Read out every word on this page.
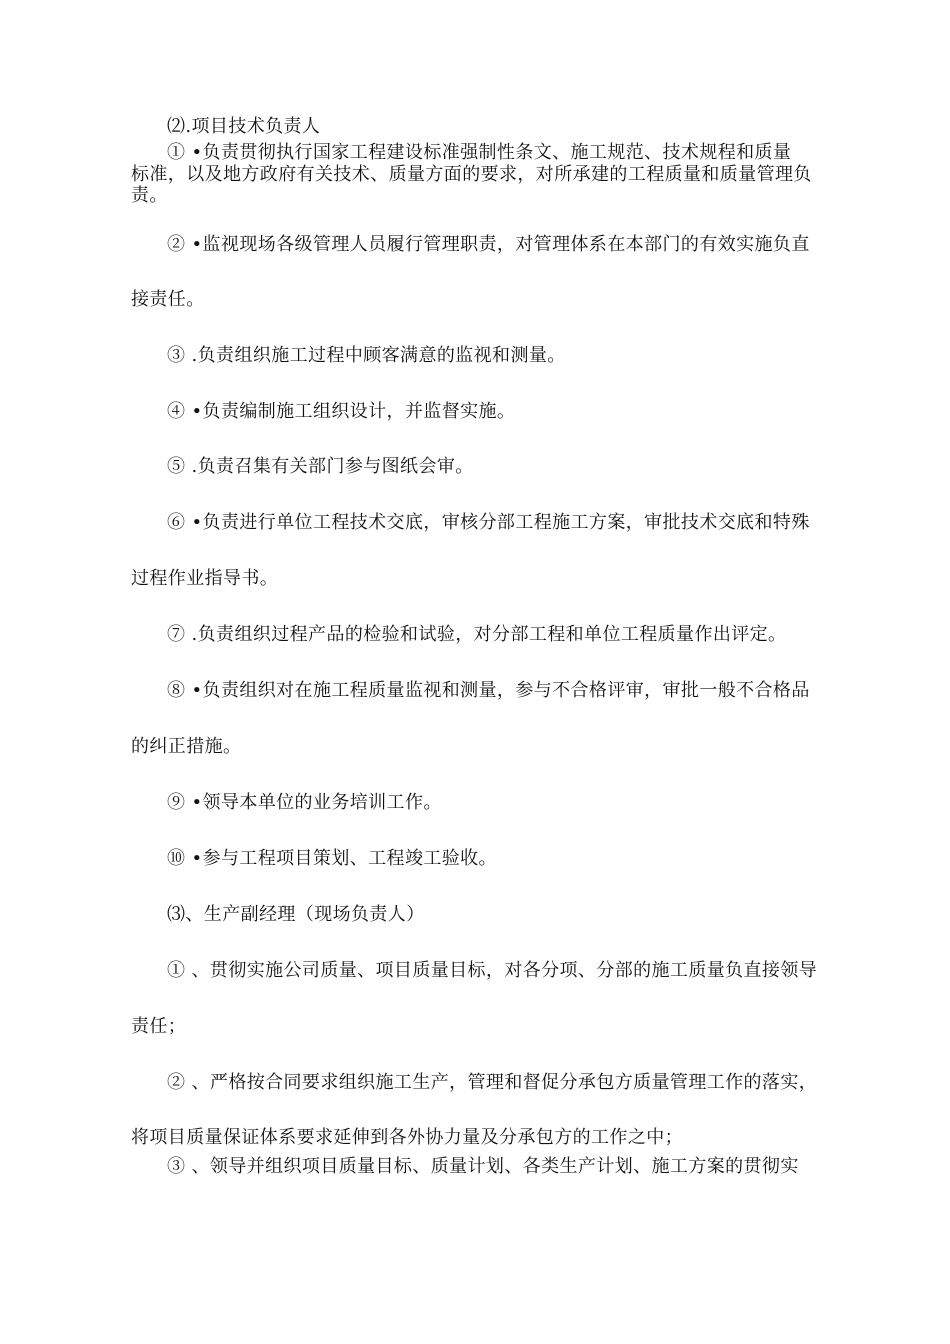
⑵.项目技术负责人
① •负责贯彻执行国家工程建设标准强制性条文、施工规范、技术规程和质量
标准，以及地方政府有关技术、质量方面的要求，对所承建的工程质量和质量管理负
责。
② •监视现场各级管理人员履行管理职责，对管理体系在本部门的有效实施负直
接责任。
③ .负责组织施工过程中顾客满意的监视和测量。
④ •负责编制施工组织设计，并监督实施。
⑤ .负责召集有关部门参与图纸会审。
⑥ •负责进行单位工程技术交底，审核分部工程施工方案，审批技术交底和特殊
过程作业指导书。
⑦ .负责组织过程产品的检验和试验，对分部工程和单位工程质量作出评定。
⑧ •负责组织对在施工程质量监视和测量，参与不合格评审，审批一般不合格品
的纠正措施。
⑨ •领导本单位的业务培训工作。
⑩ •参与工程项目策划、工程竣工验收。
⑶、生产副经理（现场负责人）
① 、贯彻实施公司质量、项目质量目标，对各分项、分部的施工质量负直接领导
责任；
② 、严格按合同要求组织施工生产，管理和督促分承包方质量管理工作的落实，
将项目质量保证体系要求延伸到各外协力量及分承包方的工作之中；
③ 、领导并组织项目质量目标、质量计划、各类生产计划、施工方案的贯彻实
